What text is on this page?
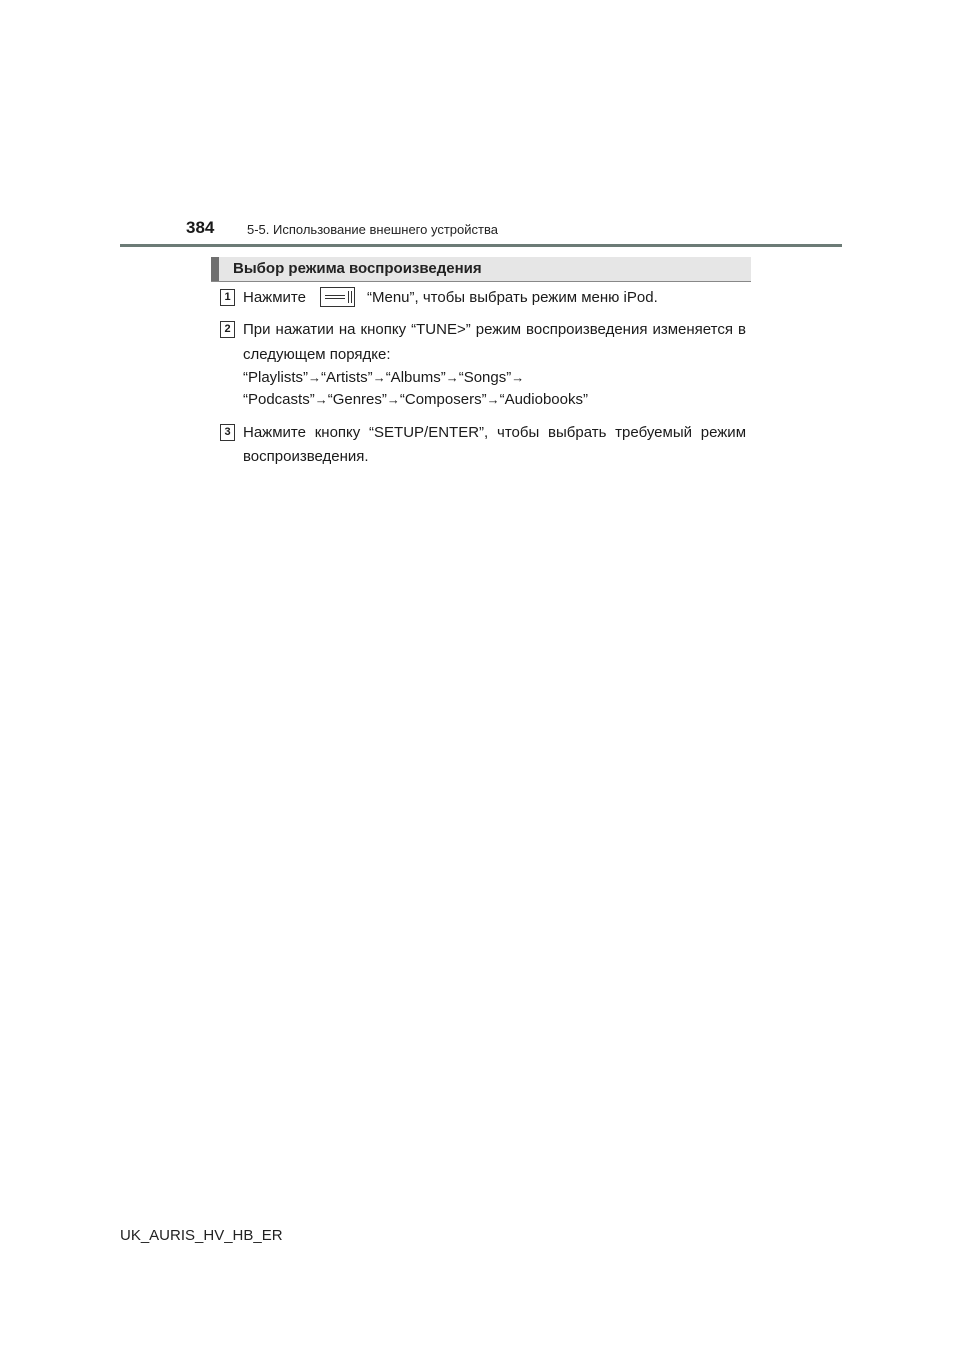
384	5-5. Использование внешнего устройства
Выбор режима воспроизведения
1 Нажмите	“Menu”, чтобы выбрать режим меню iPod.
2 При нажатии на кнопку “TUNE>” режим воспроизведения изменяется в
следующем порядке:
“Playlists”→“Artists”→“Albums”→“Songs”→
“Podcasts”→“Genres”→“Composers”→“Audiobooks”
3 Нажмите кнопку “SETUP/ENTER”, чтобы выбрать требуемый режим
воспроизведения.
UK_AURIS_HV_HB_ER
